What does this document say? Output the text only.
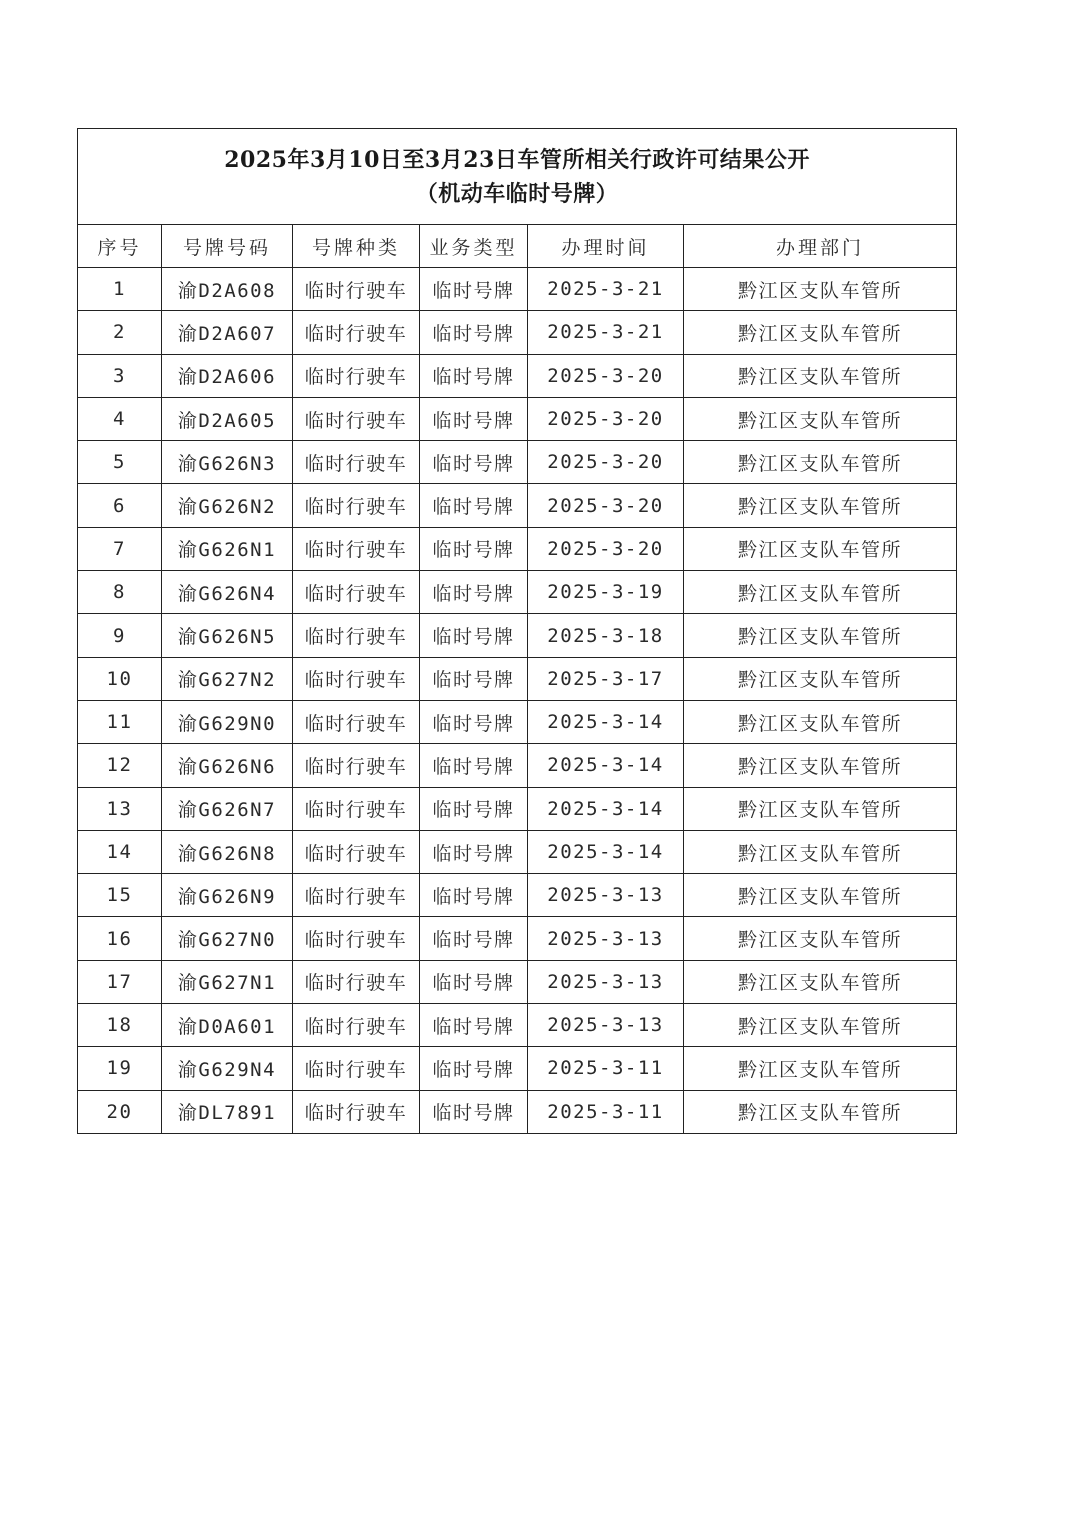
2025年3月10日至3月23日车管所相关行政许可结果公开
（机动车临时号牌）					

序号	号牌号码	号牌种类	业务类型	办理时间	办理部门
1	渝D2A608	临时行驶车	临时号牌	2025-3-21	黔江区支队车管所
2	渝D2A607	临时行驶车	临时号牌	2025-3-21	黔江区支队车管所
3	渝D2A606	临时行驶车	临时号牌	2025-3-20	黔江区支队车管所
4	渝D2A605	临时行驶车	临时号牌	2025-3-20	黔江区支队车管所
5	渝G626N3	临时行驶车	临时号牌	2025-3-20	黔江区支队车管所
6	渝G626N2	临时行驶车	临时号牌	2025-3-20	黔江区支队车管所
7	渝G626N1	临时行驶车	临时号牌	2025-3-20	黔江区支队车管所
8	渝G626N4	临时行驶车	临时号牌	2025-3-19	黔江区支队车管所
9	渝G626N5	临时行驶车	临时号牌	2025-3-18	黔江区支队车管所
10	渝G627N2	临时行驶车	临时号牌	2025-3-17	黔江区支队车管所
11	渝G629N0	临时行驶车	临时号牌	2025-3-14	黔江区支队车管所
12	渝G626N6	临时行驶车	临时号牌	2025-3-14	黔江区支队车管所
13	渝G626N7	临时行驶车	临时号牌	2025-3-14	黔江区支队车管所
14	渝G626N8	临时行驶车	临时号牌	2025-3-14	黔江区支队车管所
15	渝G626N9	临时行驶车	临时号牌	2025-3-13	黔江区支队车管所
16	渝G627N0	临时行驶车	临时号牌	2025-3-13	黔江区支队车管所
17	渝G627N1	临时行驶车	临时号牌	2025-3-13	黔江区支队车管所
18	渝D0A601	临时行驶车	临时号牌	2025-3-13	黔江区支队车管所
19	渝G629N4	临时行驶车	临时号牌	2025-3-11	黔江区支队车管所
20	渝DL7891	临时行驶车	临时号牌	2025-3-11	黔江区支队车管所
